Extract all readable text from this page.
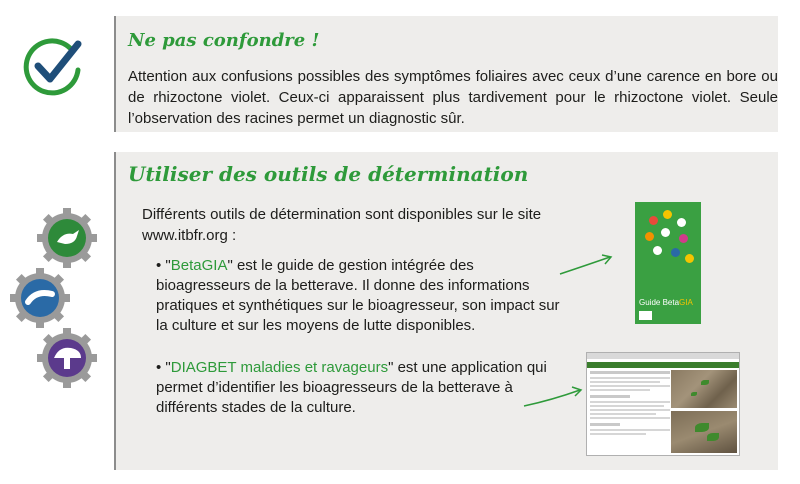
Ne pas confondre !
Attention aux confusions possibles des symptômes foliaires avec ceux d’une carence en bore ou de rhizoctone violet. Ceux-ci apparaissent plus tardivement pour le rhizoctone violet. Seule l’observation des racines permet un diagnostic sûr.
Utiliser des outils de détermination
Différents outils de détermination sont disponibles sur le site www.itbfr.org :
• "BetaGIA" est le guide de gestion intégrée des bioagresseurs de la betterave. Il donne des informations pratiques et synthétiques sur le bioagresseur, son impact sur la culture et sur les moyens de lutte disponibles.
• "DIAGBET maladies et ravageurs" est une application qui permet d’identifier les bioagresseurs de la betterave à différents stades de la culture.
Guide BetaGIA
